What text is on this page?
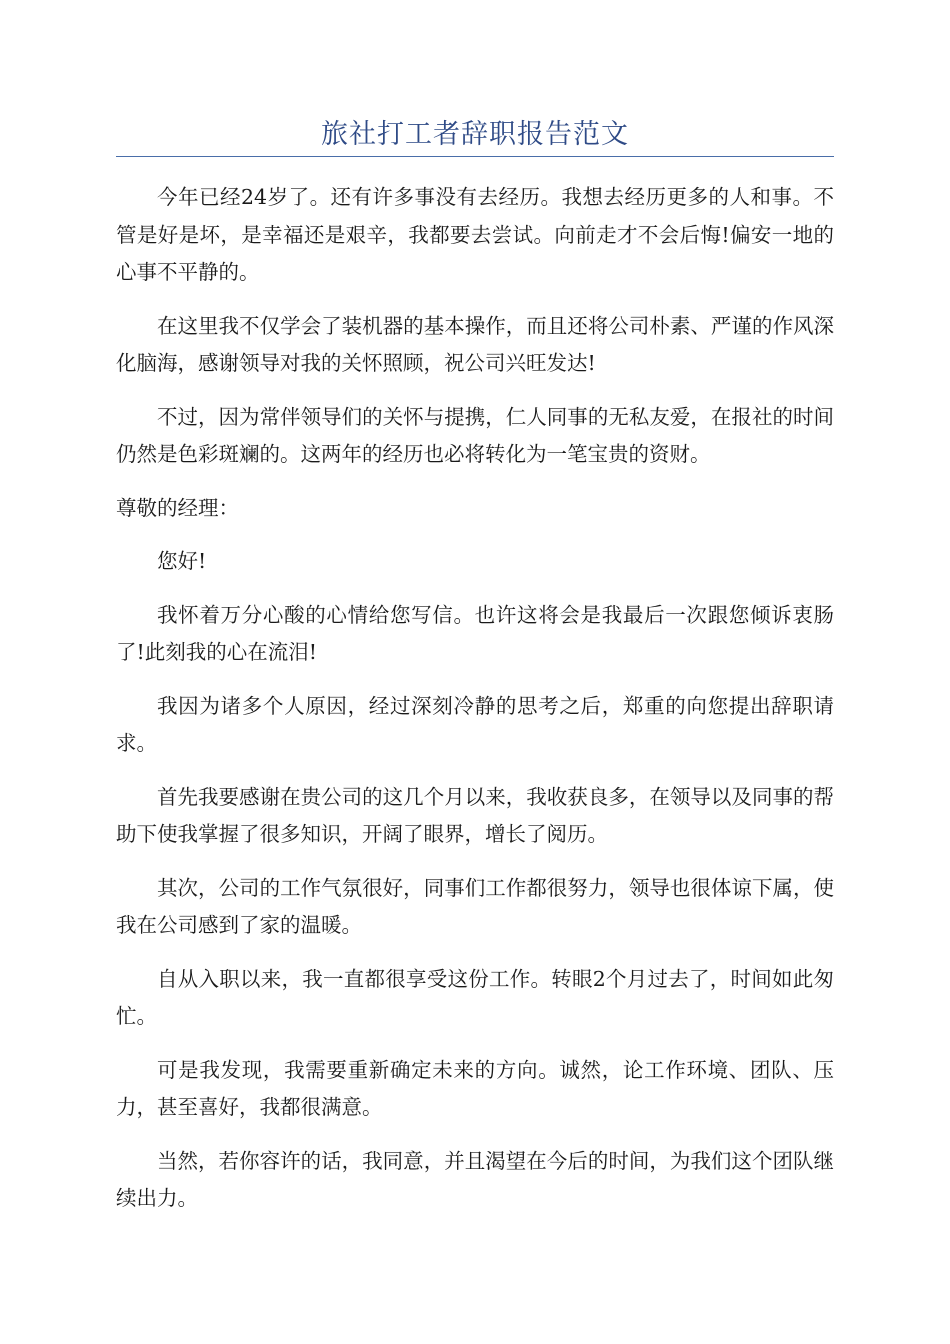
旅社打工者辞职报告范文

今年已经24岁了。还有许多事没有去经历。我想去经历更多的人和事。不管是好是坏，是幸福还是艰辛，我都要去尝试。向前走才不会后悔!偏安一地的心事不平静的。

在这里我不仅学会了装机器的基本操作，而且还将公司朴素、严谨的作风深化脑海，感谢领导对我的关怀照顾，祝公司兴旺发达!

不过，因为常伴领导们的关怀与提携，仁人同事的无私友爱，在报社的时间仍然是色彩斑斓的。这两年的经历也必将转化为一笔宝贵的资财。

尊敬的经理：

您好!

我怀着万分心酸的心情给您写信。也许这将会是我最后一次跟您倾诉衷肠了!此刻我的心在流泪!

我因为诸多个人原因，经过深刻冷静的思考之后，郑重的向您提出辞职请求。

首先我要感谢在贵公司的这几个月以来，我收获良多，在领导以及同事的帮助下使我掌握了很多知识，开阔了眼界，增长了阅历。

其次，公司的工作气氛很好，同事们工作都很努力，领导也很体谅下属，使我在公司感到了家的温暖。

自从入职以来，我一直都很享受这份工作。转眼2个月过去了，时间如此匆忙。

可是我发现，我需要重新确定未来的方向。诚然，论工作环境、团队、压力，甚至喜好，我都很满意。

当然，若你容许的话，我同意，并且渴望在今后的时间，为我们这个团队继续出力。
